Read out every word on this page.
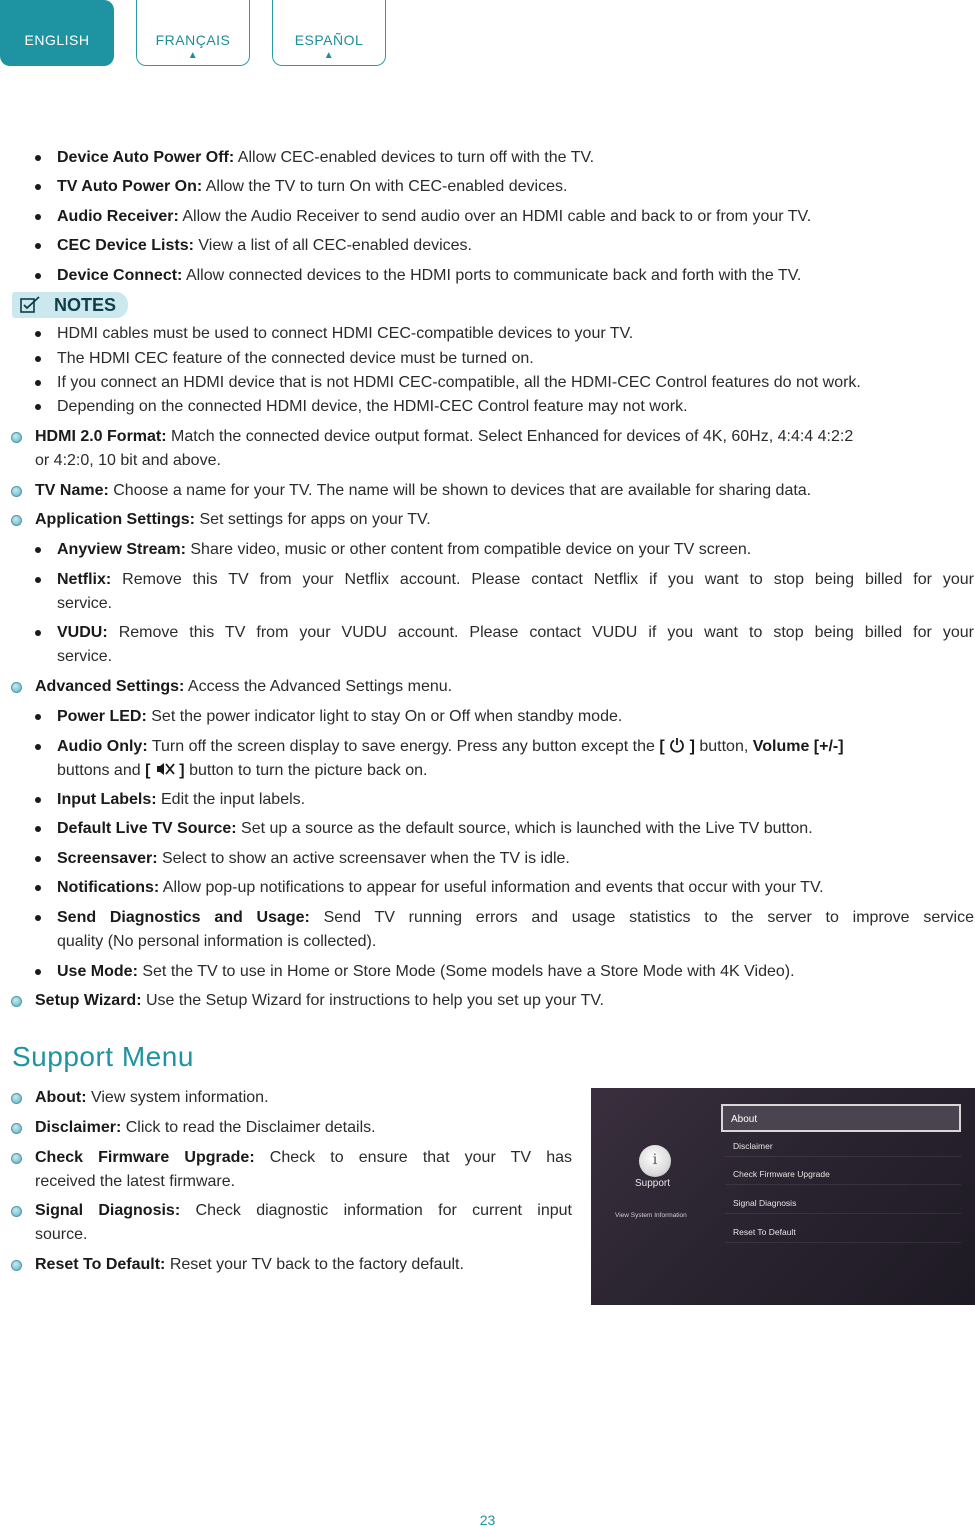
ENGLISH	FRANÇAIS
▲
ESPAÑOL
▲
Device Auto Power Off: Allow CEC-enabled devices to turn off with the TV.
TV Auto Power On: Allow the TV to turn On with CEC-enabled devices.
Audio Receiver: Allow the Audio Receiver to send audio over an HDMI cable and back to or from your TV.
CEC Device Lists: View a list of all CEC-enabled devices.
Device Connect: Allow connected devices to the HDMI ports to communicate back and forth with the TV.
NOTES
HDMI cables must be used to connect HDMI CEC-compatible devices to your TV.
The HDMI CEC feature of the connected device must be turned on.
If you connect an HDMI device that is not HDMI CEC-compatible, all the HDMI-CEC Control features do not work.
Depending on the connected HDMI device, the HDMI-CEC Control feature may not work.
HDMI 2.0 Format: Match the connected device output format. Select Enhanced for devices of 4K, 60Hz, 4:4:4 4:2:2
or 4:2:0, 10 bit and above.
TV Name: Choose a name for your TV. The name will be shown to devices that are available for sharing data.
Application Settings: Set settings for apps on your TV.
Anyview Stream: Share video, music or other content from compatible device on your TV screen.
Netflix: Remove this TV from your Netflix account. Please contact Netflix if you want to stop being billed for your
service.
VUDU: Remove this TV from your VUDU account. Please contact VUDU if you want to stop being billed for your
service.
Advanced Settings: Access the Advanced Settings menu.
Power LED: Set the power indicator light to stay On or Off when standby mode.
Audio Only: Turn off the screen display to save energy. Press any button except the [  ] button, Volume [+/-]
buttons and [  ] button to turn the picture back on.
Input Labels: Edit the input labels.
Default Live TV Source: Set up a source as the default source, which is launched with the Live TV button.
Screensaver: Select to show an active screensaver when the TV is idle.
Notifications: Allow pop-up notifications to appear for useful information and events that occur with your TV.
Send Diagnostics and Usage: Send TV running errors and usage statistics to the server to improve service
quality (No personal information is collected).
Use Mode: Set the TV to use in Home or Store Mode (Some models have a Store Mode with 4K Video).
Setup Wizard: Use the Setup Wizard for instructions to help you set up your TV.
Support Menu
About: View system information.
Disclaimer: Click to read the Disclaimer details.
Check Firmware Upgrade: Check to ensure that your TV has
received the latest firmware.
Signal Diagnosis: Check diagnostic information for current input
source.
Reset To Default: Reset your TV back to the factory default.
i
Support
View System Information
About
Disclaimer
Check Firmware Upgrade
Signal Diagnosis
Reset To Default
23
